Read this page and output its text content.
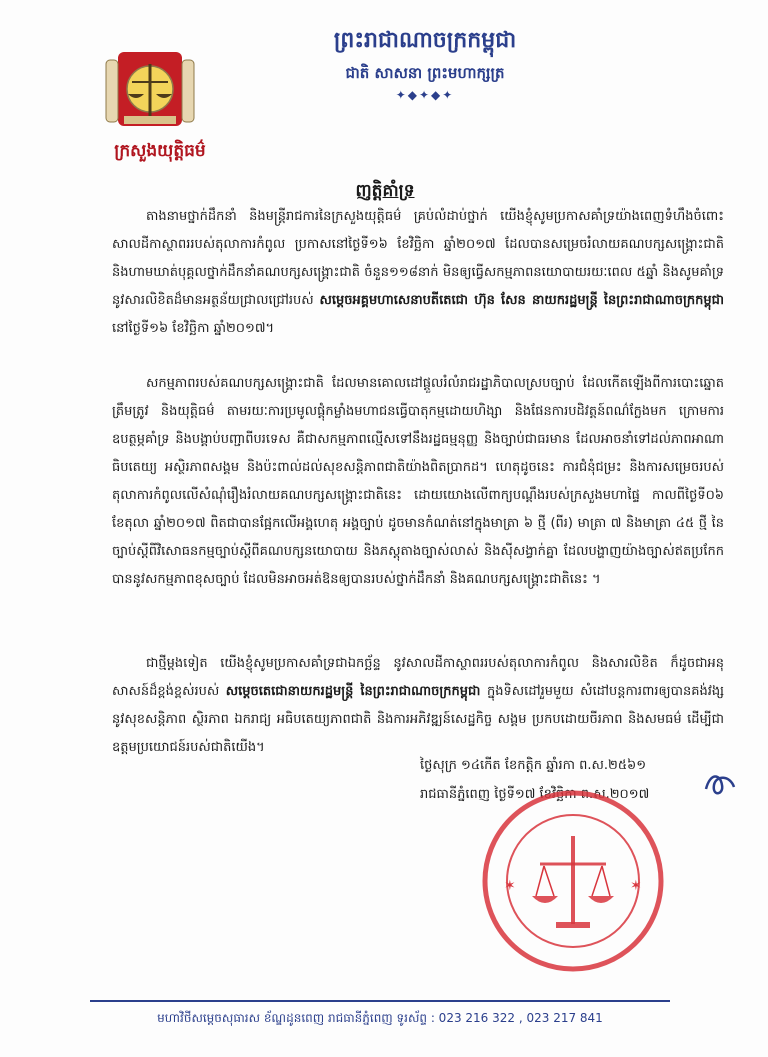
ក្រសួងយុត្តិធម៌
ព្រះរាជាណាចក្រកម្ពុជា
ជាតិ សាសនា ព្រះមហាក្សត្រ
✦◆✦◆✦
ញត្តិគាំទ្រ

តាងនាមថ្នាក់ដឹកនាំ និងមន្ត្រីរាជការនៃក្រសួងយុត្តិធម៌ គ្រប់លំដាប់ថ្នាក់ យើងខ្ញុំសូមប្រកាសគាំទ្រយ៉ាងពេញទំហឹងចំពោះ សាលដីកាស្ថាពររបស់តុលាការកំពូល ប្រកាសនៅថ្ងៃទី១៦ ខែវិច្ឆិកា ឆ្នាំ២០១៧ ដែលបានសម្រេចរំលាយគណបក្សសង្គ្រោះជាតិ និងហាមឃាត់បុគ្គលថ្នាក់ដឹកនាំគណបក្សសង្គ្រោះជាតិ ចំនួន១១៨នាក់ មិនឲ្យធ្វើសកម្មភាពនយោបាយរយៈពេល ៥ឆ្នាំ និងសូមគាំទ្រនូវសារលិខិតដ៏មានអត្ថន័យជ្រាលជ្រៅរបស់ សម្ដេចអគ្គមហាសេនាបតីតេជោ ហ៊ុន សែន នាយករដ្ឋមន្ត្រី នៃព្រះរាជាណាចក្រកម្ពុជា នៅថ្ងៃទី១៦ ខែវិច្ឆិកា ឆ្នាំ២០១៧។

សកម្មភាពរបស់គណបក្សសង្គ្រោះជាតិ ដែលមានគោលដៅផ្តួលរំលំរាជរដ្ឋាភិបាលស្របច្បាប់ ដែលកើតឡើងពីការបោះឆ្នោតត្រឹមត្រូវ និងយុត្តិធម៌ តាមរយៈការប្រមូលផ្តុំកម្លាំងមហាជនធ្វើបាតុកម្មដោយហិង្សា និងផែនការបដិវត្តន៍ពណ៌ក្លែងមក ក្រោមការឧបត្ថម្ភគាំទ្រ និងបង្គាប់បញ្ជាពីបរទេស គឺជាសកម្មភាពល្មើសទៅនឹងរដ្ឋធម្មនុញ្ញ និងច្បាប់ជាធរមាន ដែលអាចនាំទៅដល់ភាពអាណាធិបតេយ្យ អស្ថិរភាពសង្គម និងប៉ះពាល់ដល់សុខសន្តិភាពជាតិយ៉ាងពិតប្រាកដ។ ហេតុដូចនេះ ការជំនុំជម្រះ និងការសម្រេចរបស់តុលាការកំពូលលើសំណុំរឿងរំលាយគណបក្សសង្គ្រោះជាតិនេះ ដោយយោងលើពាក្យបណ្តឹងរបស់ក្រសួងមហាផ្ទៃ កាលពីថ្ងៃទី០៦ ខែតុលា ឆ្នាំ២០១៧ ពិតជាបានផ្អែកលើអង្គហេតុ អង្គច្បាប់ ដូចមានកំណត់នៅក្នុងមាត្រា ៦ ថ្មី (ពីរ) មាត្រា ៧ និងមាត្រា ៤៥ ថ្មី នៃច្បាប់ស្តីពីវិសោធនកម្មច្បាប់ស្តីពីគណបក្សនយោបាយ និងភស្តុតាងច្បាស់លាស់ និងស៊ីសង្វាក់គ្នា ដែលបង្ហាញយ៉ាងច្បាស់ឥតប្រកែកបាននូវសកម្មភាពខុសច្បាប់ ដែលមិនអាចអត់ឱនឲ្យបានរបស់ថ្នាក់ដឹកនាំ និងគណបក្សសង្គ្រោះជាតិនេះ ។

ជាថ្មីម្តងទៀត យើងខ្ញុំសូមប្រកាសគាំទ្រជាឯកច្ឆ័ន្ទ នូវសាលដីកាស្ថាពររបស់តុលាការកំពូល និងសារលិខិត ក៏ដូចជាអនុសាសន៍ដ៏ខ្ពង់ខ្ពស់របស់ សម្ដេចតេជោនាយករដ្ឋមន្ត្រី នៃព្រះរាជាណាចក្រកម្ពុជា ក្នុងទិសដៅរួមមួយ សំដៅបន្តការពារឲ្យបានគង់វង្សនូវសុខសន្តិភាព ស្ថិរភាព ឯករាជ្យ អធិបតេយ្យភាពជាតិ និងការអភិវឌ្ឍន៍សេដ្ឋកិច្ច សង្គម ប្រកបដោយចីរភាព និងសមធម៌ ដើម្បីជាឧត្តមប្រយោជន៍របស់ជាតិយើង។

ថ្ងៃសុក្រ ១៤កើត ខែកត្ដិក ឆ្នាំរកា ព.ស.២៥៦១
រាជធានីភ្នំពេញ ថ្ងៃទី១៧ ខែវិច្ឆិកា ព.ស.២០១៧
✶	✶
មហាវិថីសម្ដេចសុធារស ខ័ណ្ឌដូនពេញ រាជធានីភ្នំពេញ ទូរស័ព្ទ : 023 216 322 , 023 217 841
